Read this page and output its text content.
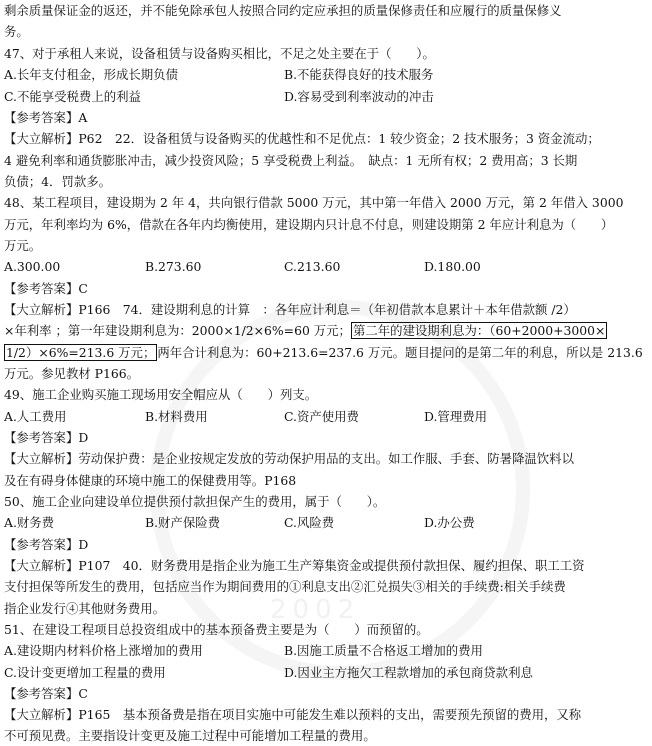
2002
剩余质量保证金的返还，并不能免除承包人按照合同约定应承担的质量保修责任和应履行的质量保修义
务。
47、对于承租人来说，设备租赁与设备购买相比，不足之处主要在于（　　）。
A.长年支付租金，形成长期负债	B.不能获得良好的技术服务
C.不能享受税费上的利益	D.容易受到利率波动的冲击
【参考答案】A
【大立解析】P62　22．设备租赁与设备购买的优越性和不足优点：1 较少资金；2 技术服务；3 资金流动；
4 避免利率和通货膨胀冲击，减少投资风险；5 享受税费上利益。　缺点：1 无所有权；2 费用高；3 长期
负债；4．罚款多。
48、某工程项目，建设期为 2 年 4，共向银行借款 5000 万元，其中第一年借入 2000 万元，第 2 年借入 3000
万元，年利率均为 6%，借款在各年内均衡使用，建设期内只计息不付息，则建设期第 2 年应计利息为（　　）
万元。
A.300.00	B.273.60	C.213.60	D.180.00
【参考答案】C
【大立解析】P166　74．建设期利息的计算　：各年应计利息＝（年初借款本息累计＋本年借款额 /2）
×年利率 ；第一年建设期利息为：2000×1/2×6%=60 万元； 第二年的建设期利息为：（60+2000+3000×
1/2）×6%=213.6 万元； 两年合计利息为：60+213.6=237.6 万元。题目提问的是第二年的利息，所以是 213.6
万元。参见教材 P166。
49、施工企业购买施工现场用安全帽应从（　　）列支。
A.人工费用	B.材料费用	C.资产使用费	D.管理费用
【参考答案】D
【大立解析】劳动保护费：是企业按规定发放的劳动保护用品的支出。如工作服、手套、防暑降温饮料以
及在有碍身体健康的环境中施工的保健费用等。P168
50、施工企业向建设单位提供预付款担保产生的费用，属于（　　）。
A.财务费	B.财产保险费	C.风险费	D.办公费
【参考答案】D
【大立解析】P107　40．财务费用是指企业为施工生产筹集资金或提供预付款担保、履约担保、职工工资
支付担保等所发生的费用，包括应当作为期间费用的①利息支出②汇兑损失③相关的手续费:相关手续费
指企业发行④其他财务费用。
51、在建设工程项目总投资组成中的基本预备费主要是为（　　）而预留的。
A.建设期内材料价格上涨增加的费用	B.因施工质量不合格返工增加的费用
C.设计变更增加工程量的费用	D.因业主方拖欠工程款增加的承包商贷款利息
【参考答案】C
【大立解析】P165　基本预备费是指在项目实施中可能发生难以预料的支出，需要预先预留的费用，又称
不可预见费。主要指设计变更及施工过程中可能增加工程量的费用。
